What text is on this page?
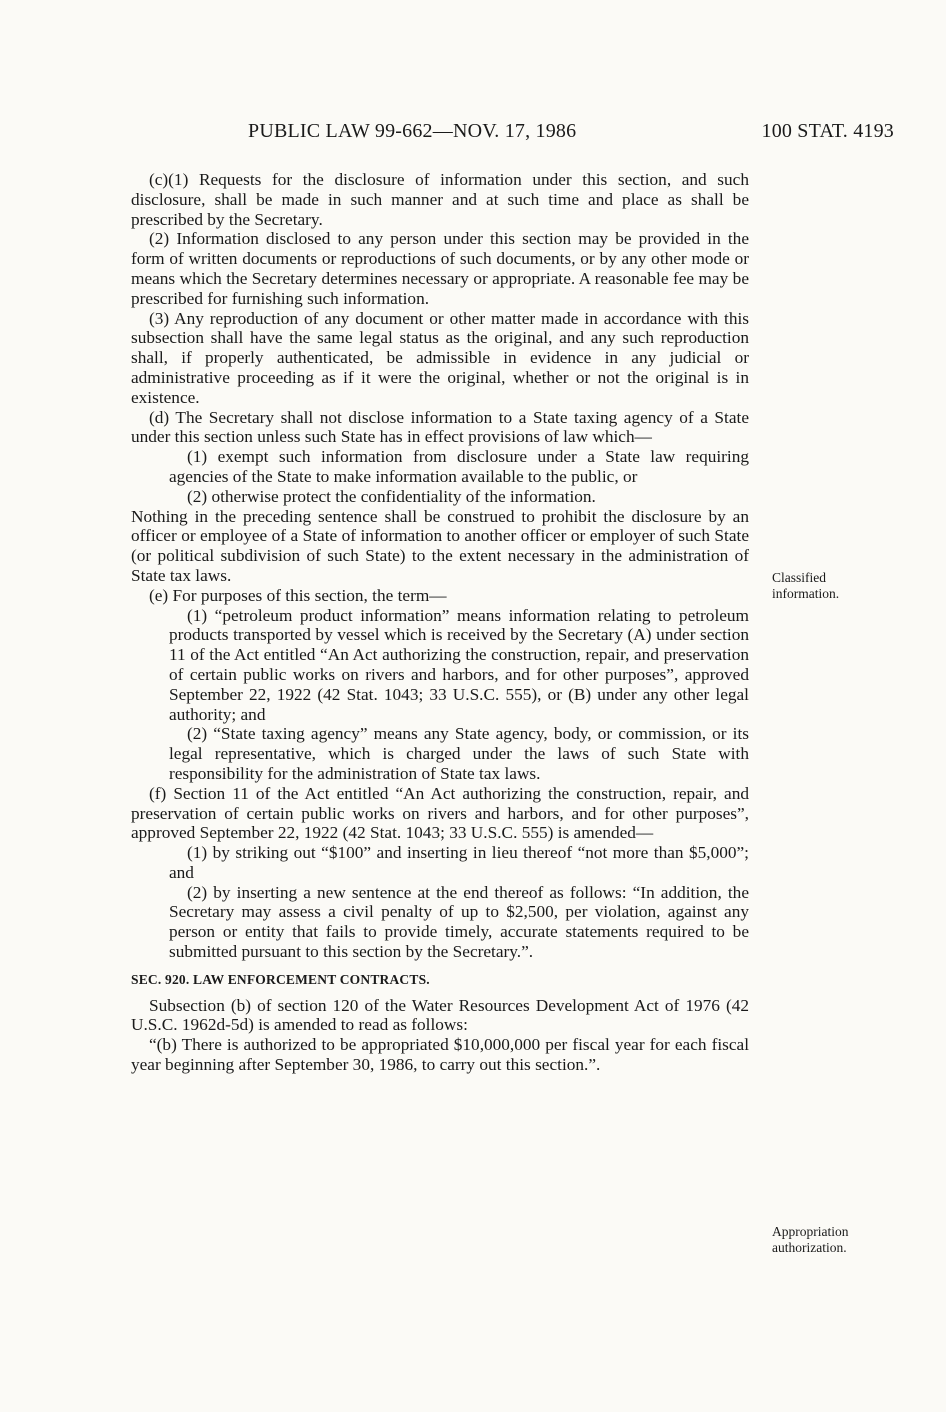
PUBLIC LAW 99-662—NOV. 17, 1986	100 STAT. 4193

(c)(1) Requests for the disclosure of information under this section, and such disclosure, shall be made in such manner and at such time and place as shall be prescribed by the Secretary.

(2) Information disclosed to any person under this section may be provided in the form of written documents or reproductions of such documents, or by any other mode or means which the Secretary determines necessary or appropriate. A reasonable fee may be prescribed for furnishing such information.

(3) Any reproduction of any document or other matter made in accordance with this subsection shall have the same legal status as the original, and any such reproduction shall, if properly authenticated, be admissible in evidence in any judicial or administrative proceeding as if it were the original, whether or not the original is in existence.

(d) The Secretary shall not disclose information to a State taxing agency of a State under this section unless such State has in effect provisions of law which—

(1) exempt such information from disclosure under a State law requiring agencies of the State to make information available to the public, or

(2) otherwise protect the confidentiality of the information.

Nothing in the preceding sentence shall be construed to prohibit the disclosure by an officer or employee of a State of information to another officer or employer of such State (or political subdivision of such State) to the extent necessary in the administration of State tax laws.

(e) For purposes of this section, the term—

(1) “petroleum product information” means information relating to petroleum products transported by vessel which is received by the Secretary (A) under section 11 of the Act entitled “An Act authorizing the construction, repair, and preservation of certain public works on rivers and harbors, and for other purposes”, approved September 22, 1922 (42 Stat. 1043; 33 U.S.C. 555), or (B) under any other legal authority; and

(2) “State taxing agency” means any State agency, body, or commission, or its legal representative, which is charged under the laws of such State with responsibility for the administration of State tax laws.

(f) Section 11 of the Act entitled “An Act authorizing the construction, repair, and preservation of certain public works on rivers and harbors, and for other purposes”, approved September 22, 1922 (42 Stat. 1043; 33 U.S.C. 555) is amended—

(1) by striking out “$100” and inserting in lieu thereof “not more than $5,000”; and

(2) by inserting a new sentence at the end thereof as follows: “In addition, the Secretary may assess a civil penalty of up to $2,500, per violation, against any person or entity that fails to provide timely, accurate statements required to be submitted pursuant to this section by the Secretary.”.

SEC. 920. LAW ENFORCEMENT CONTRACTS.

Subsection (b) of section 120 of the Water Resources Development Act of 1976 (42 U.S.C. 1962d-5d) is amended to read as follows:

“(b) There is authorized to be appropriated $10,000,000 per fiscal year for each fiscal year beginning after September 30, 1986, to carry out this section.”.

Classified
information.
Appropriation
authorization.
